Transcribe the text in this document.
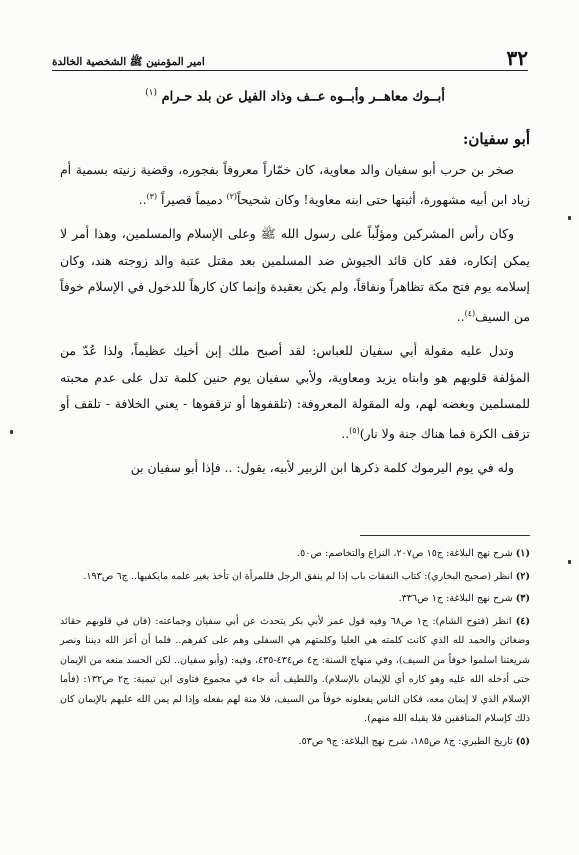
٣٢
امير المؤمنين ﷺ الشخصية الخالدة
أبــوك معاهــر وأبــوه عــف وذاد الفيل عن بلد حـرام $^{(١)}$
أبو سفيان:

صخر بن حرب أبو سفيان والد معاوية، كان خمّاراً معروفاً بفجوره، وقضية زنيته بسمية أم زياد ابن أبيه مشهورة، أثبتها حتى ابنه معاوية! وكان شحيحاً$^{(٢)}$ دميماً قصيراً $^{(٣)}$..

وكان رأس المشركين ومؤلّباً على رسول الله ﷺ وعلى الإسلام والمسلمين، وهذا أمر لا يمكن إنكاره، فقد كان قائد الجيوش ضد المسلمين بعد مقتل عتبة والد زوجته هند، وكان إسلامه يوم فتح مكة تظاهراً ونفاقاً، ولم يكن بعقيدة وإنما كان كارهاً للدخول في الإسلام خوفاً من السيف$^{(٤)}$..

وتدل عليه مقولة أبي سفيان للعباس: لقد أصبح ملك إبن أخيك عظيماً، ولذا عُدّ من المؤلفة قلوبهم هو وابناه يزيد ومعاوية، ولأبي سفيان يوم حنين كلمة تدل على عدم محبته للمسلمين وبغضه لهم، وله المقولة المعروفة: (تلقفوها أو تزقفوها - يعني الخلافة - تلقف أو تزقف الكرة فما هناك جنة ولا نار)$^{(٥)}$..

وله في يوم اليرموك كلمة ذكرها ابن الزبير لأبيه، يقول: .. فإذا أبو سفيان بن

(١) شرح نهج البلاغة: ج١٥ ص٢٠٧، النزاع والتخاصم: ص٥٠.
(٢) انظر (صحيح البخاري): كتاب النفقات باب إذا لم ينفق الرجل فللمرأة ان تأخذ بغير علمه مايكفيها.. ج٦ ص١٩٣.
(٣) شرح نهج البلاغة: ج١ ص٣٣٦.
(٤) انظر (فتوح الشام): ج١ ص٦٨ وفيه قول عمر لأبي بكر يتحدث عن أبي سفيان وجماعته: (فان في قلوبهم حقائد وضغائن والحمد لله الذي كانت كلمته هي العليا وكلمتهم هي السفلى وهم على كفرهم.. فلما أن أعز الله ديننا ونصر شريعتنا اسلموا خوفاً من السيف)، وفي منهاج السنة: ج٤ ص٤٣٤-٤٣٥، وفيه: (وأبو سفيان.. لكن الحسد منعه من الإيمان حتى أدخله الله عليه وهو كاره أي للإيمان بالإسلام). واللطيف أنه جاء في مجموع فتاوى ابن تيمية: ج٢ ص١٣٢: (فأما الإسلام الذي لا إيمان معه، فكان الناس يفعلونه خوفاً من السيف، فلا منة لهم بفعله وإذا لم يمن الله عليهم بالإيمان كان ذلك كإسلام المنافقين فلا يقبله الله منهم).
(٥) تاريخ الطبري: ج٨ ص١٨٥، شرح نهج البلاغة: ج٩ ص٥٣.
